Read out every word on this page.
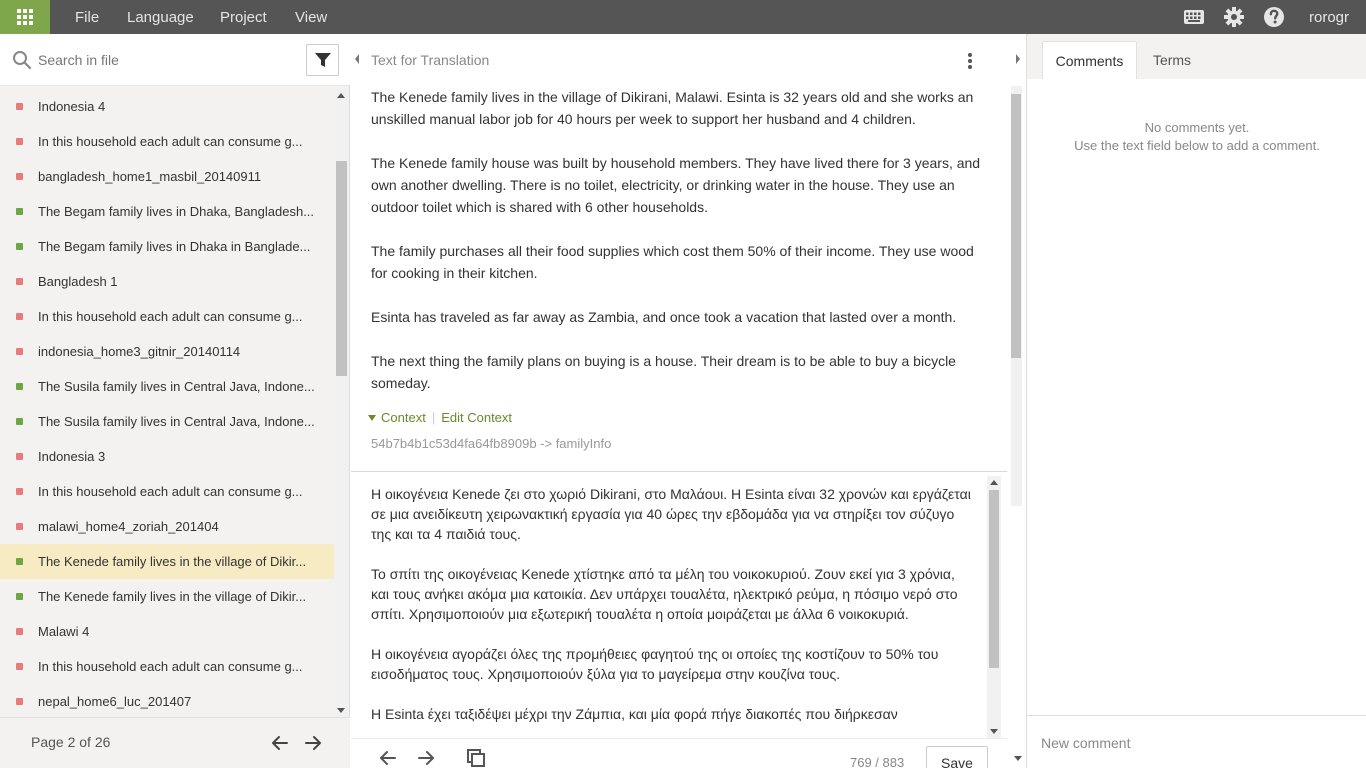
File Language Project View	rorogr
Search in file
Indonesia 4
In this household each adult can consume g...
bangladesh_home1_masbil_20140911
The Begam family lives in Dhaka, Bangladesh...
The Begam family lives in Dhaka in Banglade...
Bangladesh 1
In this household each adult can consume g...
indonesia_home3_gitnir_20140114
The Susila family lives in Central Java, Indone...
The Susila family lives in Central Java, Indone...
Indonesia 3
In this household each adult can consume g...
malawi_home4_zoriah_201404
The Kenede family lives in the village of Dikir...
The Kenede family lives in the village of Dikir...
Malawi 4
In this household each adult can consume g...
nepal_home6_luc_201407
Page 2 of 26
Text for Translation

The Kenede family lives in the village of Dikirani, Malawi. Esinta is 32 years old and she works an unskilled manual labor job for 40 hours per week to support her husband and 4 children.

The Kenede family house was built by household members. They have lived there for 3 years, and own another dwelling. There is no toilet, electricity, or drinking water in the house. They use an outdoor toilet which is shared with 6 other households.

The family purchases all their food supplies which cost them 50% of their income. They use wood for cooking in their kitchen.

Esinta has traveled as far away as Zambia, and once took a vacation that lasted over a month.

The next thing the family plans on buying is a house. Their dream is to be able to buy a bicycle someday.

Context | Edit Context
54b7b4b1c53d4fa64fb8909b -> familyInfo

Η οικογένεια Kenede ζει στο χωριό Dikirani, στο Μαλάουι. Η Esinta είναι 32 χρονών και εργάζεται σε μια ανειδίκευτη χειρωνακτική εργασία για 40 ώρες την εβδομάδα για να στηρίξει τον σύζυγο της και τα 4 παιδιά τους.

Το σπίτι της οικογένειας Kenede χτίστηκε από τα μέλη του νοικοκυριού. Ζουν εκεί για 3 χρόνια, και τους ανήκει ακόμα μια κατοικία. Δεν υπάρχει τουαλέτα, ηλεκτρικό ρεύμα, η πόσιμο νερό στο σπίτι. Χρησιμοποιούν μια εξωτερική τουαλέτα η οποία μοιράζεται με άλλα 6 νοικοκυριά.

Η οικογένεια αγοράζει όλες της προμήθειες φαγητού της οι οποίες της κοστίζουν το 50% του εισοδήματος τους. Χρησιμοποιούν ξύλα για το μαγείρεμα στην κουζίνα τους.

Η Esinta έχει ταξιδέψει μέχρι την Ζάμπια, και μία φορά πήγε διακοπές που διήρκεσαν

769 / 883	Save
Comments	Terms
No comments yet.
Use the text field below to add a comment.
New comment
